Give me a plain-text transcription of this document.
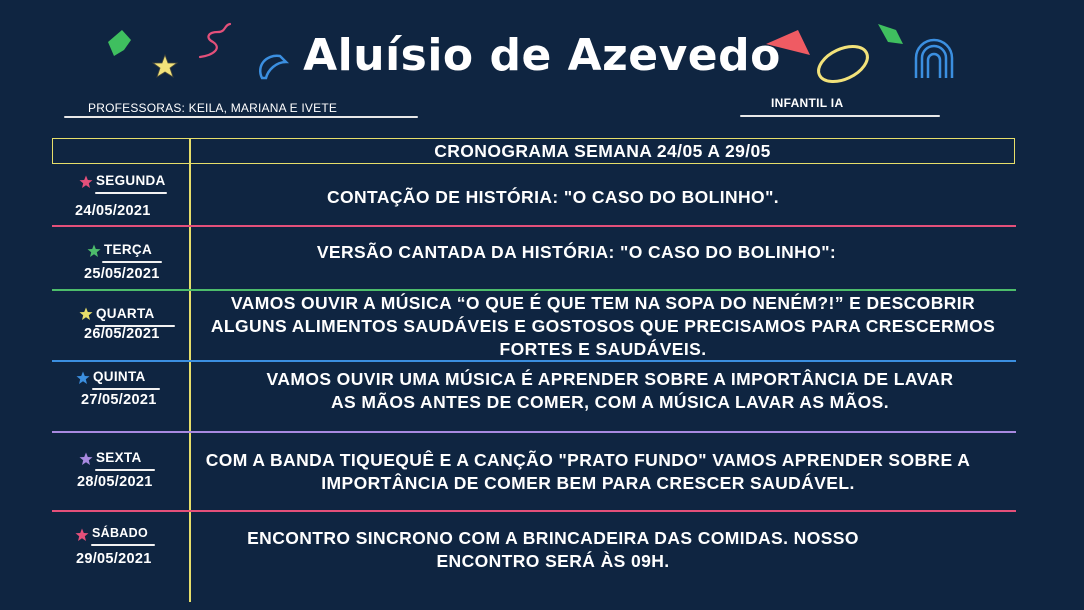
Aluísio de Azevedo
PROFESSORAS: KEILA, MARIANA E IVETE	INFANTIL IA
CRONOGRAMA SEMANA 24/05 A 29/05
SEGUNDA
24/05/2021
CONTAÇÃO DE HISTÓRIA: "O CASO DO BOLINHO".
TERÇA
25/05/2021
VERSÃO CANTADA DA HISTÓRIA: "O CASO DO BOLINHO":
QUARTA
26/05/2021
VAMOS OUVIR A MÚSICA “O QUE É QUE TEM NA SOPA DO NENÉM?!” E DESCOBRIR
ALGUNS ALIMENTOS SAUDÁVEIS E GOSTOSOS QUE PRECISAMOS PARA CRESCERMOS
FORTES E SAUDÁVEIS.
QUINTA
27/05/2021
VAMOS OUVIR UMA MÚSICA É APRENDER SOBRE A IMPORTÂNCIA DE LAVAR
AS MÃOS ANTES DE COMER, COM A MÚSICA LAVAR AS MÃOS.
SEXTA
28/05/2021
COM A BANDA TIQUEQUÊ E A CANÇÃO "PRATO FUNDO" VAMOS APRENDER SOBRE A
IMPORTÂNCIA DE COMER BEM PARA CRESCER SAUDÁVEL.
SÁBADO
29/05/2021
ENCONTRO SINCRONO COM A BRINCADEIRA DAS COMIDAS. NOSSO
ENCONTRO SERÁ ÀS 09H.
